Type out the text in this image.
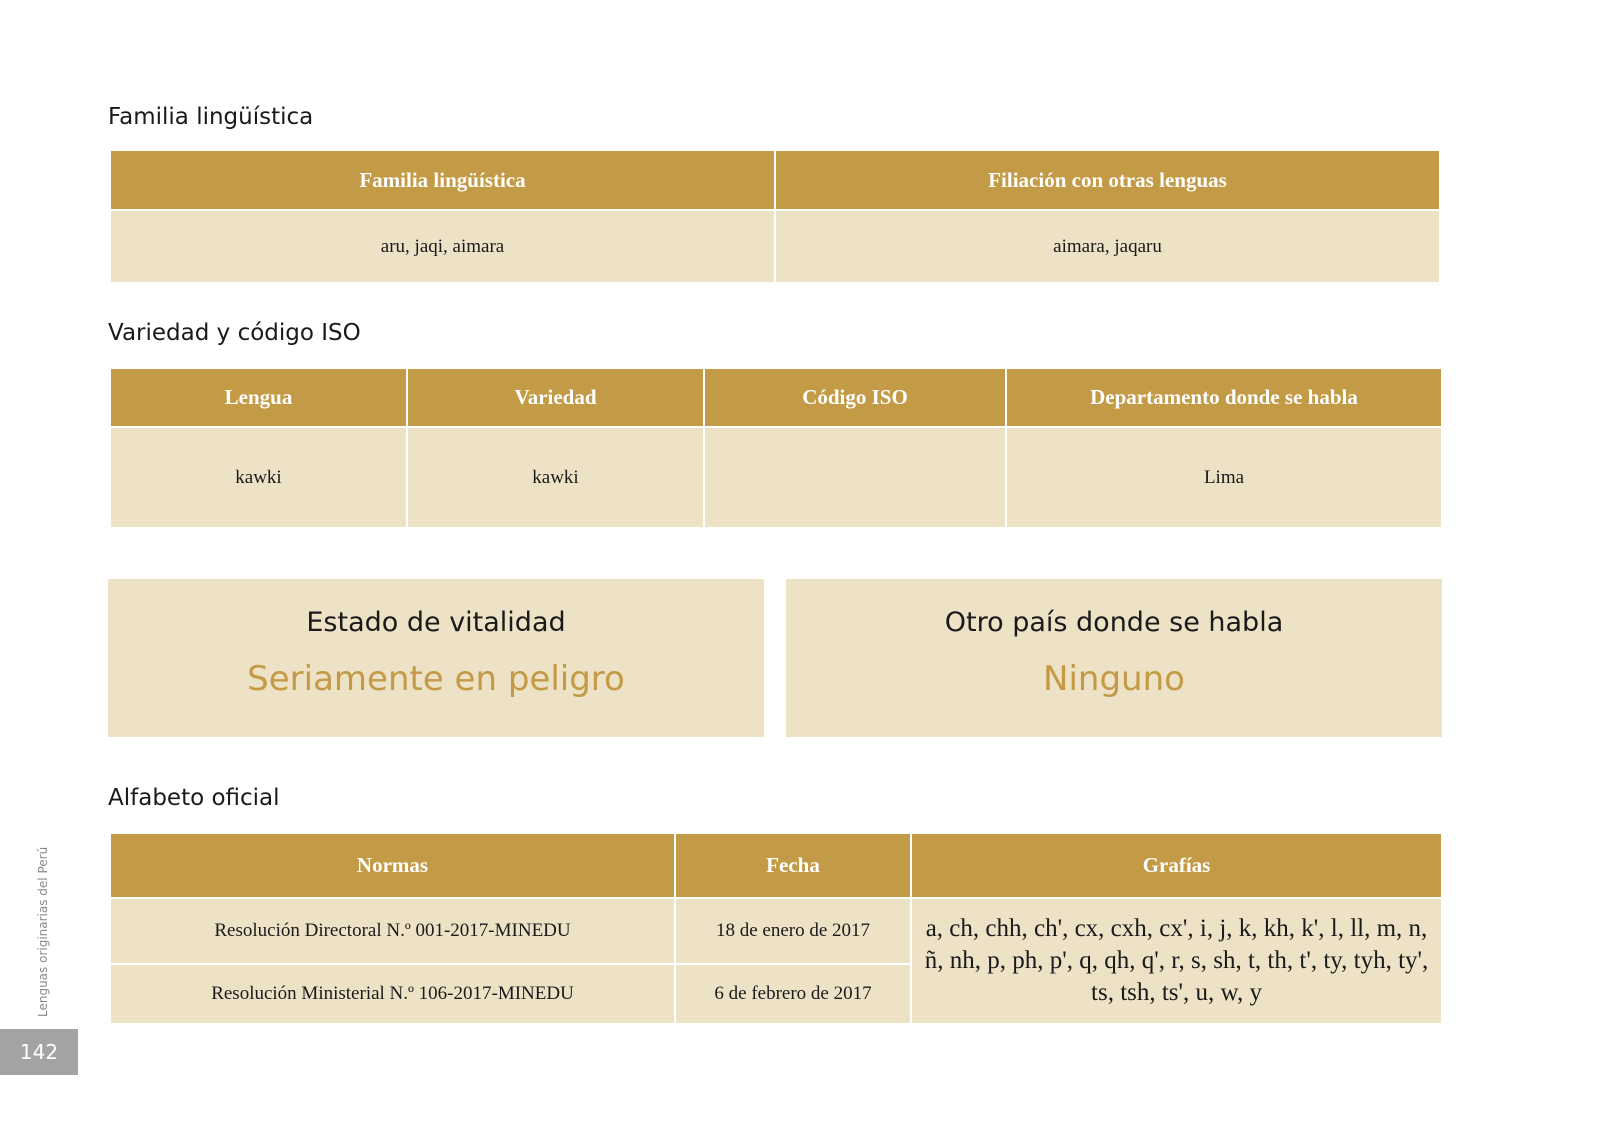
Familia lingüística
Familia lingüística	Filiación con otras lenguas
aru, jaqi, aimara	aimara, jaqaru
Variedad y código ISO
Lengua	Variedad	Código ISO	Departamento donde se habla
kawki	kawki		Lima
Estado de vitalidad
Seriamente en peligro
Otro país donde se habla
Ninguno
Alfabeto oficial
Normas	Fecha	Grafías
Resolución Directoral N.º 001-2017-MINEDU	18 de enero de 2017	a, ch, chh, ch', cx, cxh, cx', i, j, k, kh, k', l, ll, m, n, ñ, nh, p, ph, p', q, qh, q', r, s, sh, t, th, t', ty, tyh, ty', ts, tsh, ts', u, w, y
Resolución Ministerial N.º 106-2017-MINEDU	6 de febrero de 2017	
Lenguas originarias del Perú
142
